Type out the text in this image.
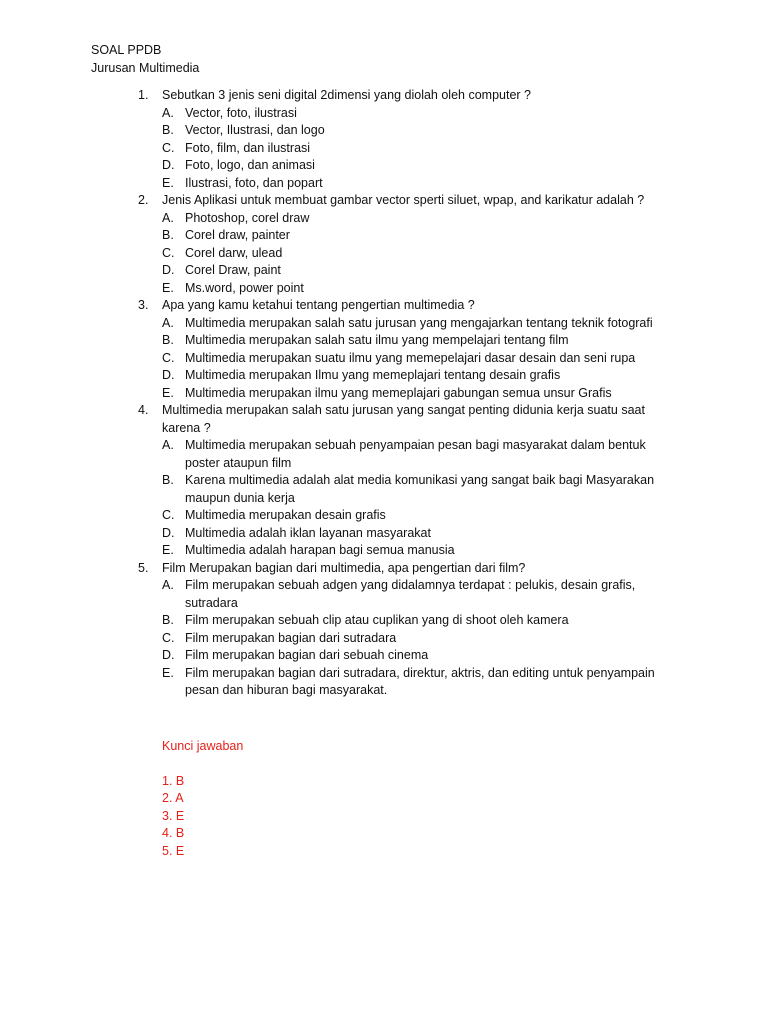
SOAL PPDB
Jurusan Multimedia
1. Sebutkan 3 jenis seni digital 2dimensi yang diolah oleh computer ?
A. Vector, foto, ilustrasi
B. Vector, Ilustrasi, dan logo
C. Foto, film, dan ilustrasi
D. Foto, logo, dan animasi
E. Ilustrasi, foto, dan popart
2. Jenis Aplikasi untuk membuat gambar vector sperti siluet, wpap, and karikatur adalah ?
A. Photoshop, corel draw
B. Corel draw, painter
C. Corel darw, ulead
D. Corel Draw, paint
E. Ms.word, power point
3. Apa yang kamu ketahui tentang pengertian multimedia ?
A. Multimedia merupakan salah satu jurusan yang mengajarkan tentang teknik fotografi
B. Multimedia merupakan salah satu ilmu yang mempelajari tentang film
C. Multimedia merupakan suatu ilmu yang memepelajari dasar desain dan seni rupa
D. Multimedia merupakan Ilmu yang memeplajari tentang desain grafis
E. Multimedia merupakan ilmu yang memeplajari gabungan semua unsur Grafis
4. Multimedia merupakan salah satu jurusan yang sangat penting didunia kerja suatu saat karena ?
A. Multimedia merupakan sebuah penyampaian pesan bagi masyarakat dalam bentuk poster ataupun film
B. Karena multimedia adalah alat media komunikasi yang sangat baik bagi Masyarakan maupun dunia kerja
C. Multimedia merupakan desain grafis
D. Multimedia adalah iklan layanan masyarakat
E. Multimedia adalah harapan bagi semua manusia
5. Film Merupakan bagian dari multimedia, apa pengertian dari film?
A. Film merupakan sebuah adgen yang didalamnya terdapat : pelukis, desain grafis, sutradara
B. Film merupakan sebuah clip atau cuplikan yang di shoot oleh kamera
C. Film merupakan bagian dari sutradara
D. Film merupakan bagian dari sebuah cinema
E. Film merupakan bagian dari sutradara, direktur, aktris, dan editing untuk penyampain pesan dan hiburan bagi masyarakat.
Kunci jawaban
1. B
2. A
3. E
4. B
5. E
